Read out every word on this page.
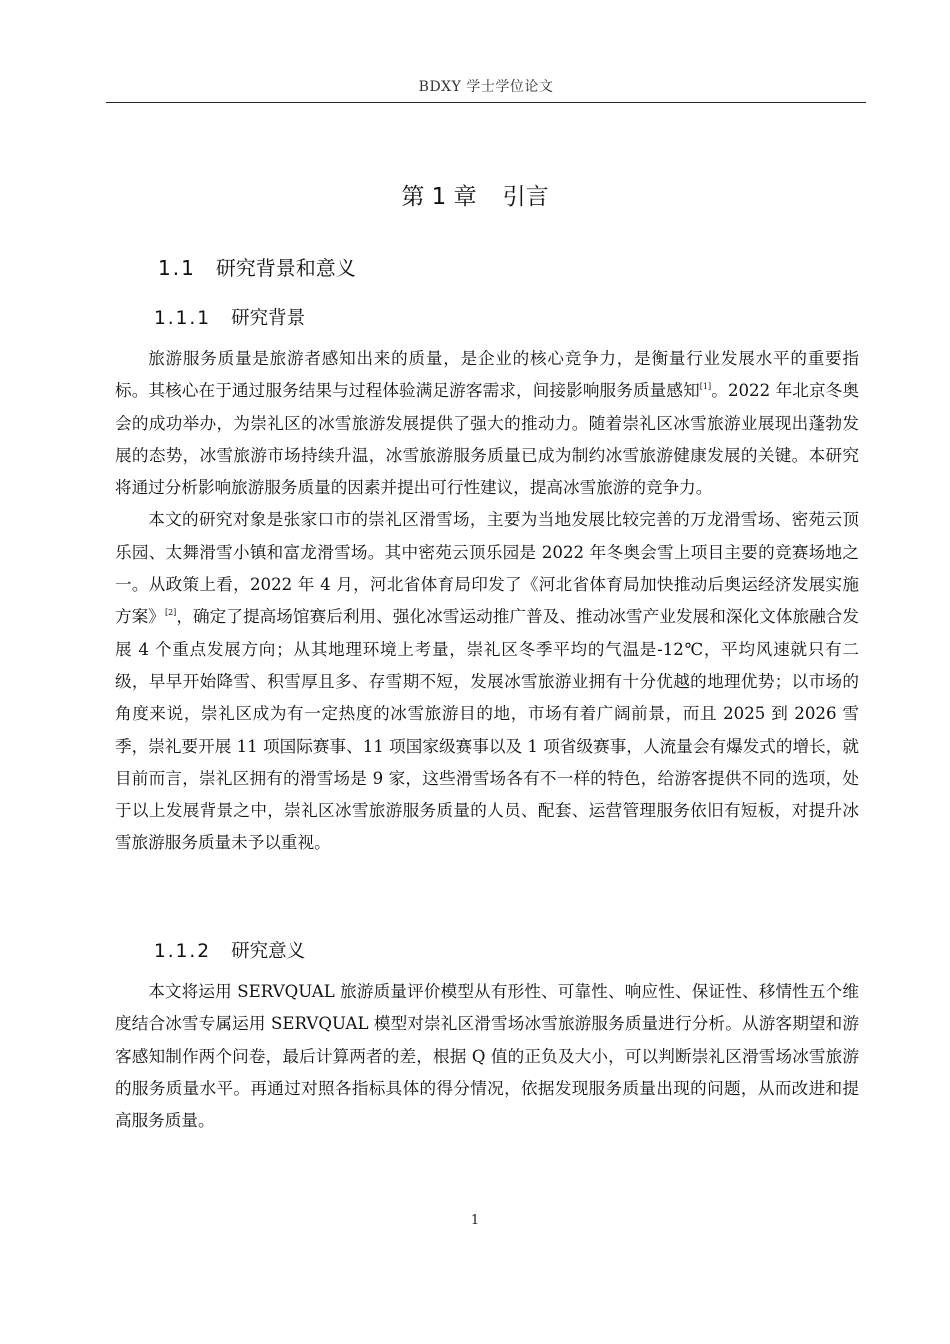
BDXY 学士学位论文
第 1 章 引言
1.1 研究背景和意义
1.1.1 研究背景

旅游服务质量是旅游者感知出来的质量，是企业的核心竞争力，是衡量行业发展水平的重要指标。其核心在于通过服务结果与过程体验满足游客需求，间接影响服务质量感知[1]。2022 年北京冬奥会的成功举办，为崇礼区的冰雪旅游发展提供了强大的推动力。随着崇礼区冰雪旅游业展现出蓬勃发展的态势，冰雪旅游市场持续升温，冰雪旅游服务质量已成为制约冰雪旅游健康发展的关键。本研究将通过分析影响旅游服务质量的因素并提出可行性建议，提高冰雪旅游的竞争力。

本文的研究对象是张家口市的崇礼区滑雪场，主要为当地发展比较完善的万龙滑雪场、密苑云顶乐园、太舞滑雪小镇和富龙滑雪场。其中密苑云顶乐园是 2022 年冬奥会雪上项目主要的竞赛场地之一。从政策上看，2022 年 4 月，河北省体育局印发了《河北省体育局加快推动后奥运经济发展实施方案》[2]，确定了提高场馆赛后利用、强化冰雪运动推广普及、推动冰雪产业发展和深化文体旅融合发展 4 个重点发展方向；从其地理环境上考量，崇礼区冬季平均的气温是-12℃，平均风速就只有二级，早早开始降雪、积雪厚且多、存雪期不短，发展冰雪旅游业拥有十分优越的地理优势；以市场的角度来说，崇礼区成为有一定热度的冰雪旅游目的地，市场有着广阔前景，而且 2025 到 2026 雪季，崇礼要开展 11 项国际赛事、11 项国家级赛事以及 1 项省级赛事，人流量会有爆发式的增长，就目前而言，崇礼区拥有的滑雪场是 9 家，这些滑雪场各有不一样的特色，给游客提供不同的选项，处于以上发展背景之中，崇礼区冰雪旅游服务质量的人员、配套、运营管理服务依旧有短板，对提升冰雪旅游服务质量未予以重视。

1.1.2 研究意义

本文将运用 SERVQUAL 旅游质量评价模型从有形性、可靠性、响应性、保证性、移情性五个维度结合冰雪专属运用 SERVQUAL 模型对崇礼区滑雪场冰雪旅游服务质量进行分析。从游客期望和游客感知制作两个问卷，最后计算两者的差，根据 Q 值的正负及大小，可以判断崇礼区滑雪场冰雪旅游的服务质量水平。再通过对照各指标具体的得分情况，依据发现服务质量出现的问题，从而改进和提高服务质量。

1
